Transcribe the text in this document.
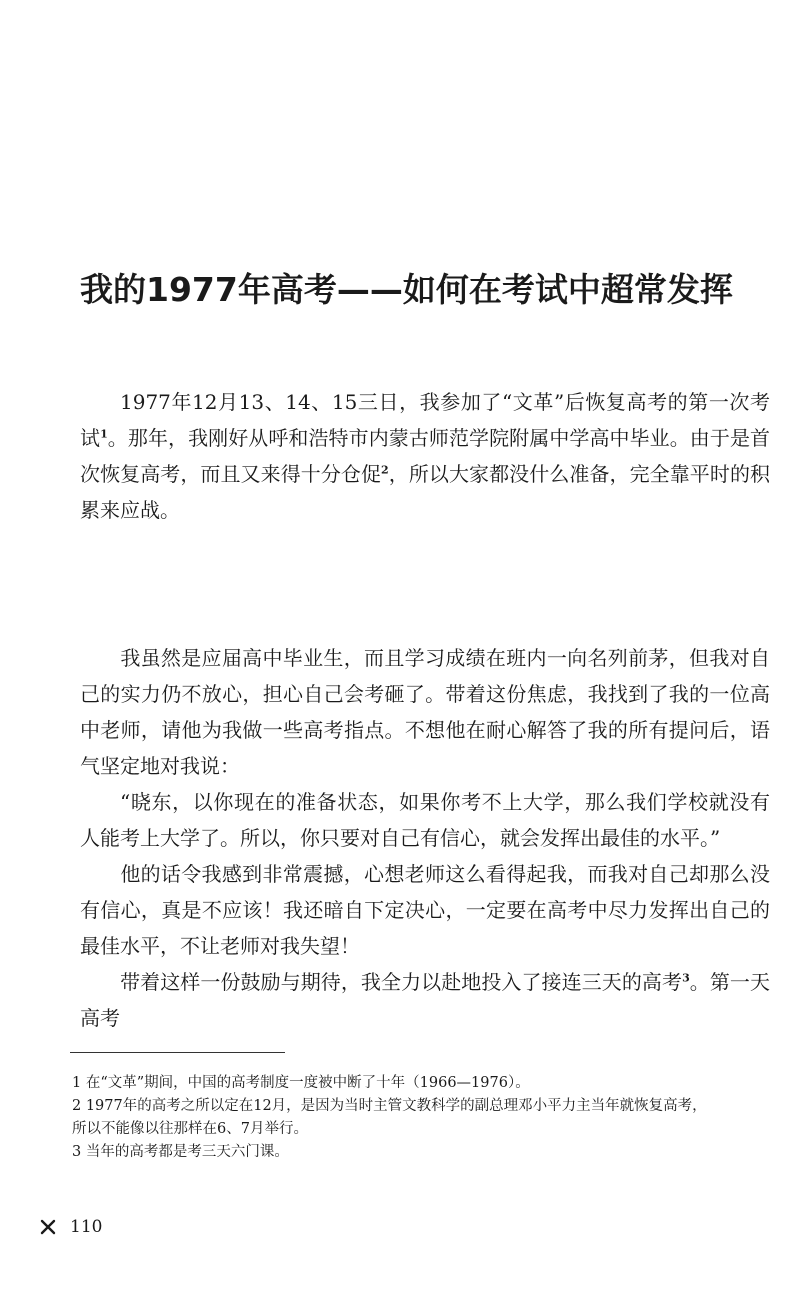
我的1977年高考——如何在考试中超常发挥

1977年12月13、14、15三日，我参加了“文革”后恢复高考的第一次考试$^1$。那年，我刚好从呼和浩特市内蒙古师范学院附属中学高中毕业。由于是首次恢复高考，而且又来得十分仓促$^2$，所以大家都没什么准备，完全靠平时的积累来应战。

我虽然是应届高中毕业生，而且学习成绩在班内一向名列前茅，但我对自己的实力仍不放心，担心自己会考砸了。带着这份焦虑，我找到了我的一位高中老师，请他为我做一些高考指点。不想他在耐心解答了我的所有提问后，语气坚定地对我说：

“晓东，以你现在的准备状态，如果你考不上大学，那么我们学校就没有人能考上大学了。所以，你只要对自己有信心，就会发挥出最佳的水平。”

他的话令我感到非常震撼，心想老师这么看得起我，而我对自己却那么没有信心，真是不应该！我还暗自下定决心，一定要在高考中尽力发挥出自己的最佳水平，不让老师对我失望！

带着这样一份鼓励与期待，我全力以赴地投入了接连三天的高考$^3$。第一天高考

1 在“文革”期间，中国的高考制度一度被中断了十年（1966—1976）。

2 1977年的高考之所以定在12月，是因为当时主管文教科学的副总理邓小平力主当年就恢复高考，

所以不能像以往那样在6、7月举行。

3 当年的高考都是考三天六门课。

110
